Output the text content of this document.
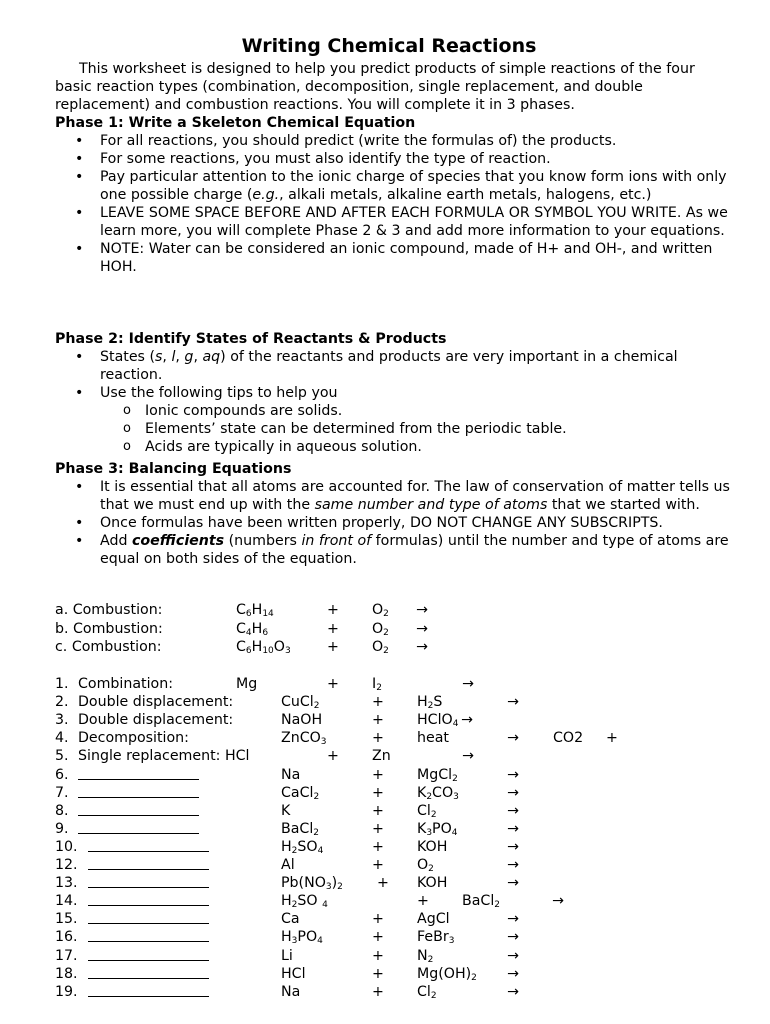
Writing Chemical Reactions
This worksheet is designed to help you predict products of simple reactions of the four basic reaction types (combination, decomposition, single replacement, and double replacement) and combustion reactions. You will complete it in 3 phases.
Phase 1: Write a Skeleton Chemical Equation
• For all reactions, you should predict (write the formulas of) the products.
• For some reactions, you must also identify the type of reaction.
• Pay particular attention to the ionic charge of species that you know form ions with only one possible charge (e.g., alkali metals, alkaline earth metals, halogens, etc.)
• LEAVE SOME SPACE BEFORE AND AFTER EACH FORMULA OR SYMBOL YOU WRITE. As we learn more, you will complete Phase 2 & 3 and add more information to your equations.
• NOTE: Water can be considered an ionic compound, made of H+ and OH-, and written HOH.
Phase 2: Identify States of Reactants & Products
• States (s, l, g, aq) of the reactants and products are very important in a chemical reaction.
• Use the following tips to help you
o Ionic compounds are solids.
o Elements’ state can be determined from the periodic table.
o Acids are typically in aqueous solution.
Phase 3: Balancing Equations
• It is essential that all atoms are accounted for. The law of conservation of matter tells us that we must end up with the same number and type of atoms that we started with.
• Once formulas have been written properly, DO NOT CHANGE ANY SUBSCRIPTS.
• Add coefficients (numbers in front of formulas) until the number and type of atoms are equal on both sides of the equation.
a. Combustion:	$C_6H_{14}$	+ $O_2$ →
b. Combustion:	$C_4H_6$	+ $O_2$ →
c. Combustion:	$C_6H_{10}O_3$	+ $O_2$ →
1. Combination:	Mg	+ $I_2$	→
2. Double displacement:	CuCl$_2$	+ $H_2S$	→
3. Double displacement:	NaOH	+ HClO$_4$ →
4. Decomposition:	ZnCO$_3$	+ heat	→ CO2 +
5. Single replacement: HCl	+ Zn	→
6.	Na	+ MgCl$_2$	→
7.	CaCl$_2$	+ $K_2CO_3$	→
8.	K	+ $Cl_2$	→
9.	BaCl$_2$	+ $K_3PO_4$	→
10.	$H_2SO_4$	+ KOH	→
12.	Al	+ $O_2$	→
13.	$Pb(NO_3)_2$ + KOH	→
14.	$H_2SO$ $_4$	+ BaCl$_2$	→
15.	Ca	+ AgCl	→
16.	$H_3PO_4$	+ FeBr$_3$	→
17.	Li	+ $N_2$	→
18.	HCl	+ $Mg(OH)_2$ →
19.	Na	+ $Cl_2$	→
